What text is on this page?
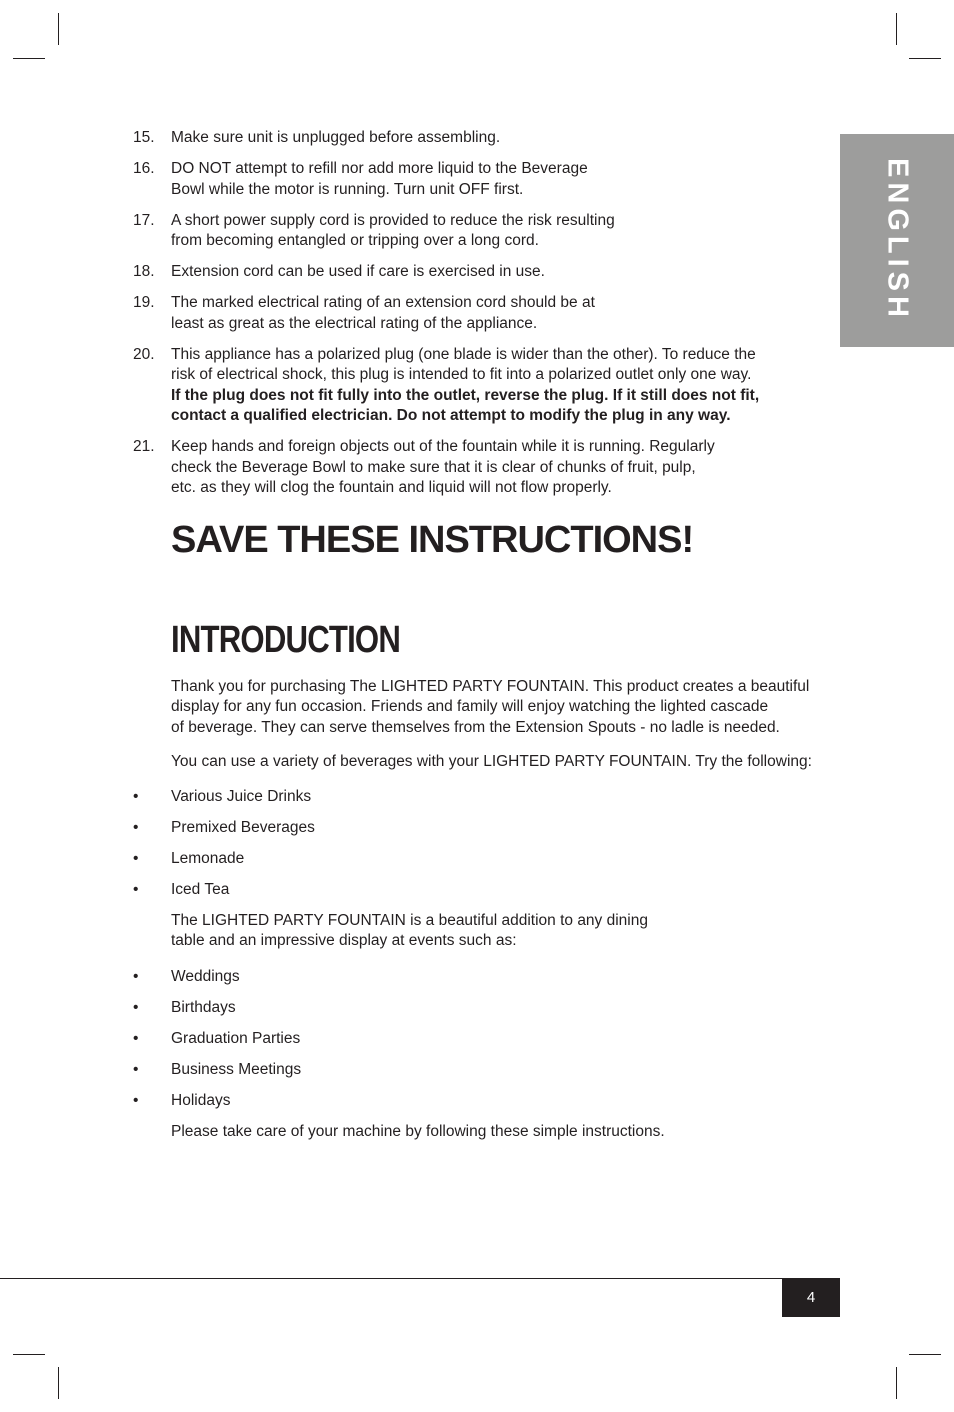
ENGLISH
15. Make sure unit is unplugged before assembling.
16. DO NOT attempt to refill nor add more liquid to the Beverage
Bowl while the motor is running. Turn unit OFF first.
17. A short power supply cord is provided to reduce the risk resulting
from becoming entangled or tripping over a long cord.
18. Extension cord can be used if care is exercised in use.
19. The marked electrical rating of an extension cord should be at
least as great as the electrical rating of the appliance.
20. This appliance has a polarized plug (one blade is wider than the other). To reduce the
risk of electrical shock, this plug is intended to fit into a polarized outlet only one way.
If the plug does not fit fully into the outlet, reverse the plug. If it still does not fit,
contact a qualified electrician. Do not attempt to modify the plug in any way.
21. Keep hands and foreign objects out of the fountain while it is running. Regularly
check the Beverage Bowl to make sure that it is clear of chunks of fruit, pulp,
etc. as they will clog the fountain and liquid will not flow properly.
SAVE THESE INSTRUCTIONS!
INTRODUCTION
Thank you for purchasing The LIGHTED PARTY FOUNTAIN. This product creates a beautiful
display for any fun occasion. Friends and family will enjoy watching the lighted cascade
of beverage. They can serve themselves from the Extension Spouts - no ladle is needed.
You can use a variety of beverages with your LIGHTED PARTY FOUNTAIN. Try the following:
• Various Juice Drinks
• Premixed Beverages
• Lemonade
• Iced Tea
The LIGHTED PARTY FOUNTAIN is a beautiful addition to any dining
table and an impressive display at events such as:
• Weddings
• Birthdays
• Graduation Parties
• Business Meetings
• Holidays
Please take care of your machine by following these simple instructions.
4
